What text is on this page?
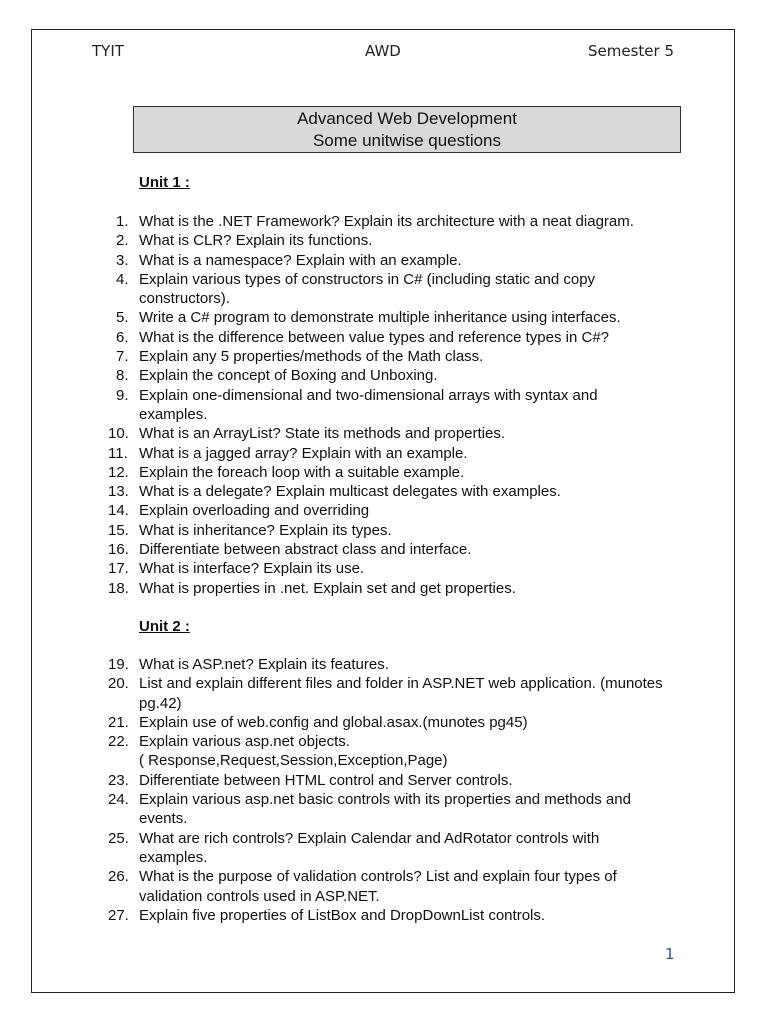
TYIT	AWD	Semester 5
Advanced Web Development
Some unitwise questions
Unit 1 :
1. What is the .NET Framework? Explain its architecture with a neat diagram.
2. What is CLR? Explain its functions.
3. What is a namespace? Explain with an example.
4. Explain various types of constructors in C# (including static and copy constructors).
5. Write a C# program to demonstrate multiple inheritance using interfaces.
6. What is the difference between value types and reference types in C#?
7. Explain any 5 properties/methods of the Math class.
8. Explain the concept of Boxing and Unboxing.
9. Explain one-dimensional and two-dimensional arrays with syntax and examples.
10. What is an ArrayList? State its methods and properties.
11. What is a jagged array? Explain with an example.
12. Explain the foreach loop with a suitable example.
13. What is a delegate? Explain multicast delegates with examples.
14. Explain overloading and overriding
15. What is inheritance? Explain its types.
16. Differentiate between abstract class and interface.
17. What is interface? Explain its use.
18. What is properties in .net. Explain set and get properties.
Unit 2 :
19. What is ASP.net? Explain its features.
20. List and explain different files and folder in ASP.NET web application. (munotes pg.42)
21. Explain use of web.config and global.asax.(munotes pg45)
22. Explain various asp.net objects.
( Response,Request,Session,Exception,Page)
23. Differentiate between HTML control and Server controls.
24. Explain various asp.net basic controls with its properties and methods and events.
25. What are rich controls? Explain Calendar and AdRotator controls with examples.
26. What is the purpose of validation controls? List and explain four types of validation controls used in ASP.NET.
27. Explain five properties of ListBox and DropDownList controls.
1
